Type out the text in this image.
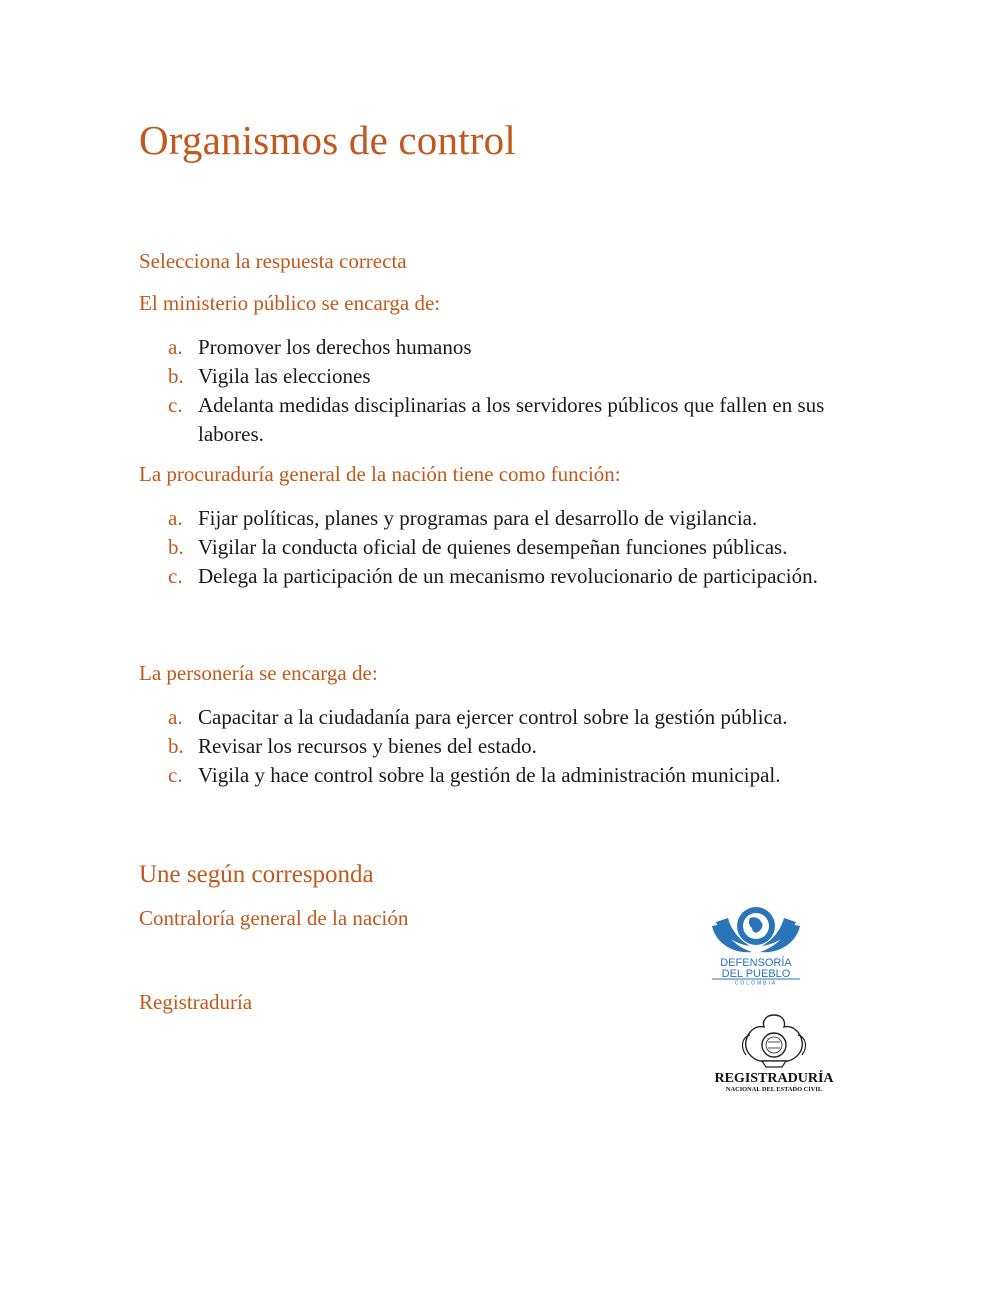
Organismos de control

Selecciona la respuesta correcta

El ministerio público se encarga de:

a. Promover los derechos humanos
b. Vigila las elecciones
c. Adelanta medidas disciplinarias a los servidores públicos que fallen en sus labores.

La procuraduría general de la nación tiene como función:

a. Fijar políticas, planes y programas para el desarrollo de vigilancia.
b. Vigilar la conducta oficial de quienes desempeñan funciones públicas.
c. Delega la participación de un mecanismo revolucionario de participación.

La personería se encarga de:

a. Capacitar a la ciudadanía para ejercer control sobre la gestión pública.
b. Revisar los recursos y bienes del estado.
c. Vigila y hace control sobre la gestión de la administración municipal.
Une según corresponda

Contraloría general de la nación

Registraduría

DEFENSORÍA
DEL PUEBLO
COLOMBIA
REGISTRADURÍA
NACIONAL DEL ESTADO CIVIL
